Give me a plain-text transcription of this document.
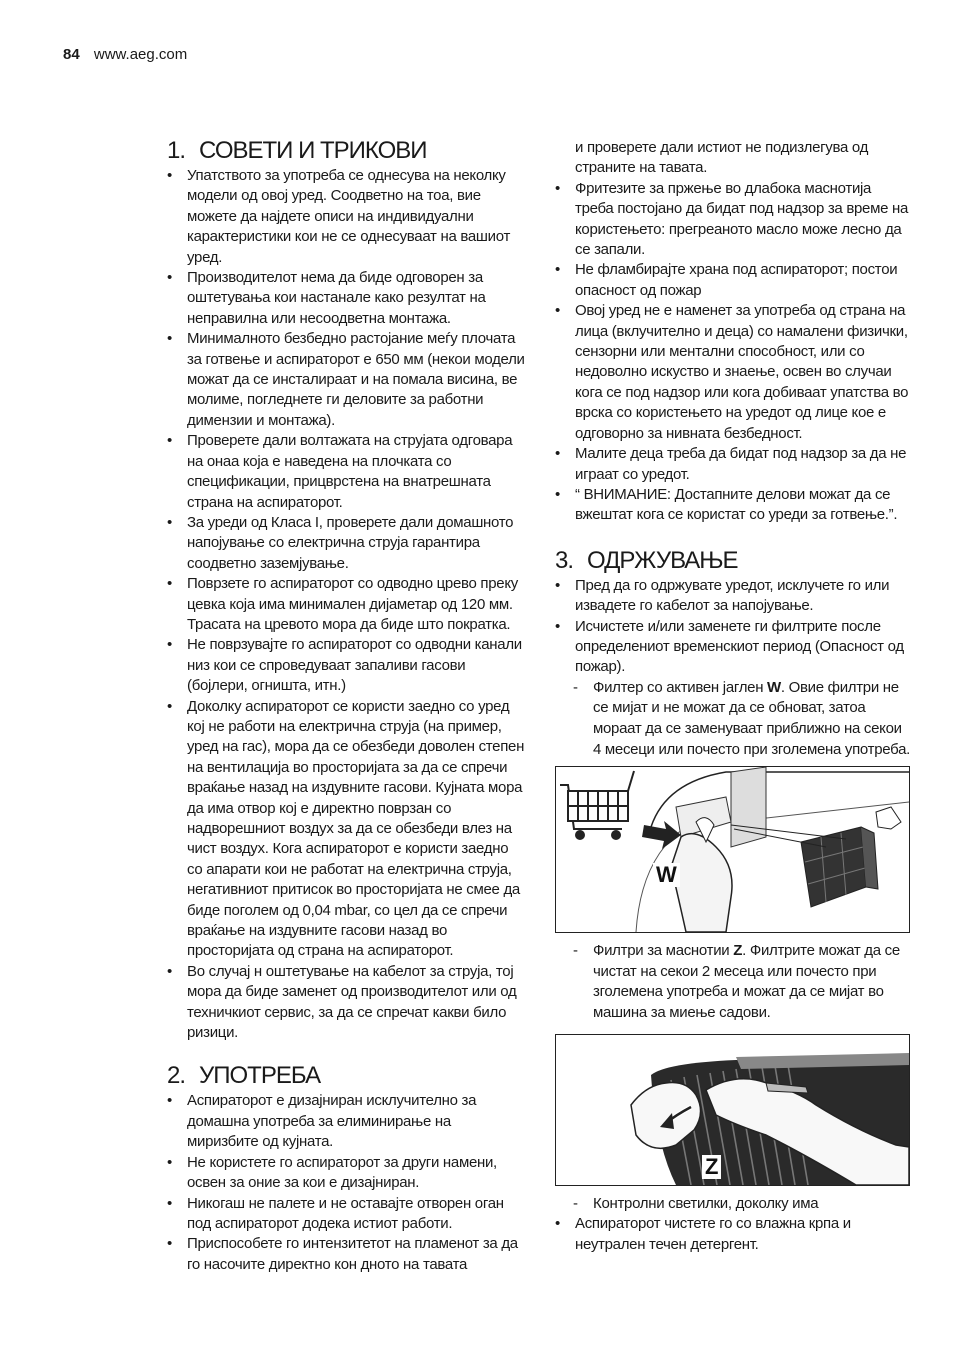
84 www.aeg.com
1. СОВЕТИ И ТРИКОВИ
• Упатството за употреба се однесува на неколку модели од овој уред. Соодветно на тоа, вие можете да најдете описи на индивидуални карактеристики кои не се однесуваат на вашиот уред.
• Производителот нема да биде одговорен за оштетувања кои настанале како резултат на неправилна или несоодветна монтажа.
• Минималното безбедно растојание меѓу плочата за готвење и аспираторот е 650 мм (некои модели можат да се инсталираат и на помала висина, ве молиме, погледнете ги деловите за работни димензии и монтажа).
• Проверете дали волтажата на струјата одговара на онаа која е наведена на плочката со спецификации, прицврстена на внатрешната страна на аспираторот.
• За уреди од Класа I, проверете дали домашното напојување со електрична струја гарантира соодветно заземјување.
• Поврзете го аспираторот со одводно црево преку цевка која има минимален дијаметар од 120 мм. Трасата на цревото мора да биде што пократка.
• Не поврзувајте го аспираторот со одводни канали низ кои се спроведуваат запаливи гасови (бојлери, огништа, итн.)
• Доколку аспираторот се користи заедно со уред кој не работи на електрична струја (на пример, уред на гас), мора да се обезбеди доволен степен на вентилација во просторијата за да се спречи враќање назад на издувните гасови. Кујната мора да има отвор кој е директно поврзан со надворешниот воздух за да се обезбеди влез на чист воздух. Кога аспираторот е користи заедно со апарати кои не работат на електрична струја, негативниот притисок во просторијата не смее да биде поголем од 0,04 mbar, со цел да се спречи враќање на издувните гасови назад во просторијата од страна на аспираторот.
• Во случај н оштетување на кабелот за струја, тој мора да биде заменет од производителот или од техничкиот сервис, за да се спречат какви било ризици.
2. УПОТРЕБА
• Аспираторот е дизајниран исклучително за домашна употреба за елиминирање на миризбите од кујната.
• Не користете го аспираторот за други намени, освен за оние за кои е дизајниран.
• Никогаш не палете и не оставајте отворен оган под аспираторот додека истиот работи.
• Приспособете го интензитетот на пламенот за да го насочите директно кон дното на тавата
и проверете дали истиот не подизлегува од страните на тавата.
• Фритезите за пржење во длабока маснотија треба постојано да бидат под надзор за време на користењето: прегреаното масло може лесно да се запали.
• Не фламбирајте храна под аспираторот; постои опасност од пожар
• Овој уред не е наменет за употреба од страна на лица (вклучително и деца) со намалени физички, сензорни или ментални способност, или со недоволно искуство и знаење, освен во случаи кога се под надзор или кога добиваат упатства во врска со користењето на уредот од лице кое е одговорно за нивната безбедност.
• Малите деца треба да бидат под надзор за да не играат со уредот.
• “ ВНИМАНИЕ: Достапните делови можат да се вжештат кога се користат со уреди за готвење.”.
3. ОДРЖУВАЊЕ
• Пред да го одржувате уредот, исклучете го или извадете го кабелот за напојување.
• Исчистете и/или заменете ги филтрите после определениот временскиот период (Опасност од пожар).
- Филтер со активен јаглен W. Овие филтри не се мијат и не можат да се обноват, затоа мораат да се заменуваат приближно на секои 4 месеци или почесто при зголемена употреба.
W
- Филтри за маснотии Z. Филтрите можат да се чистат на секои 2 месеца или почесто при зголемена употреба и можат да се мијат во машина за миење садови.
Z
- Контролни светилки, доколку има
• Аспираторот чистете го со влажна крпа и неутрален течен детергент.
